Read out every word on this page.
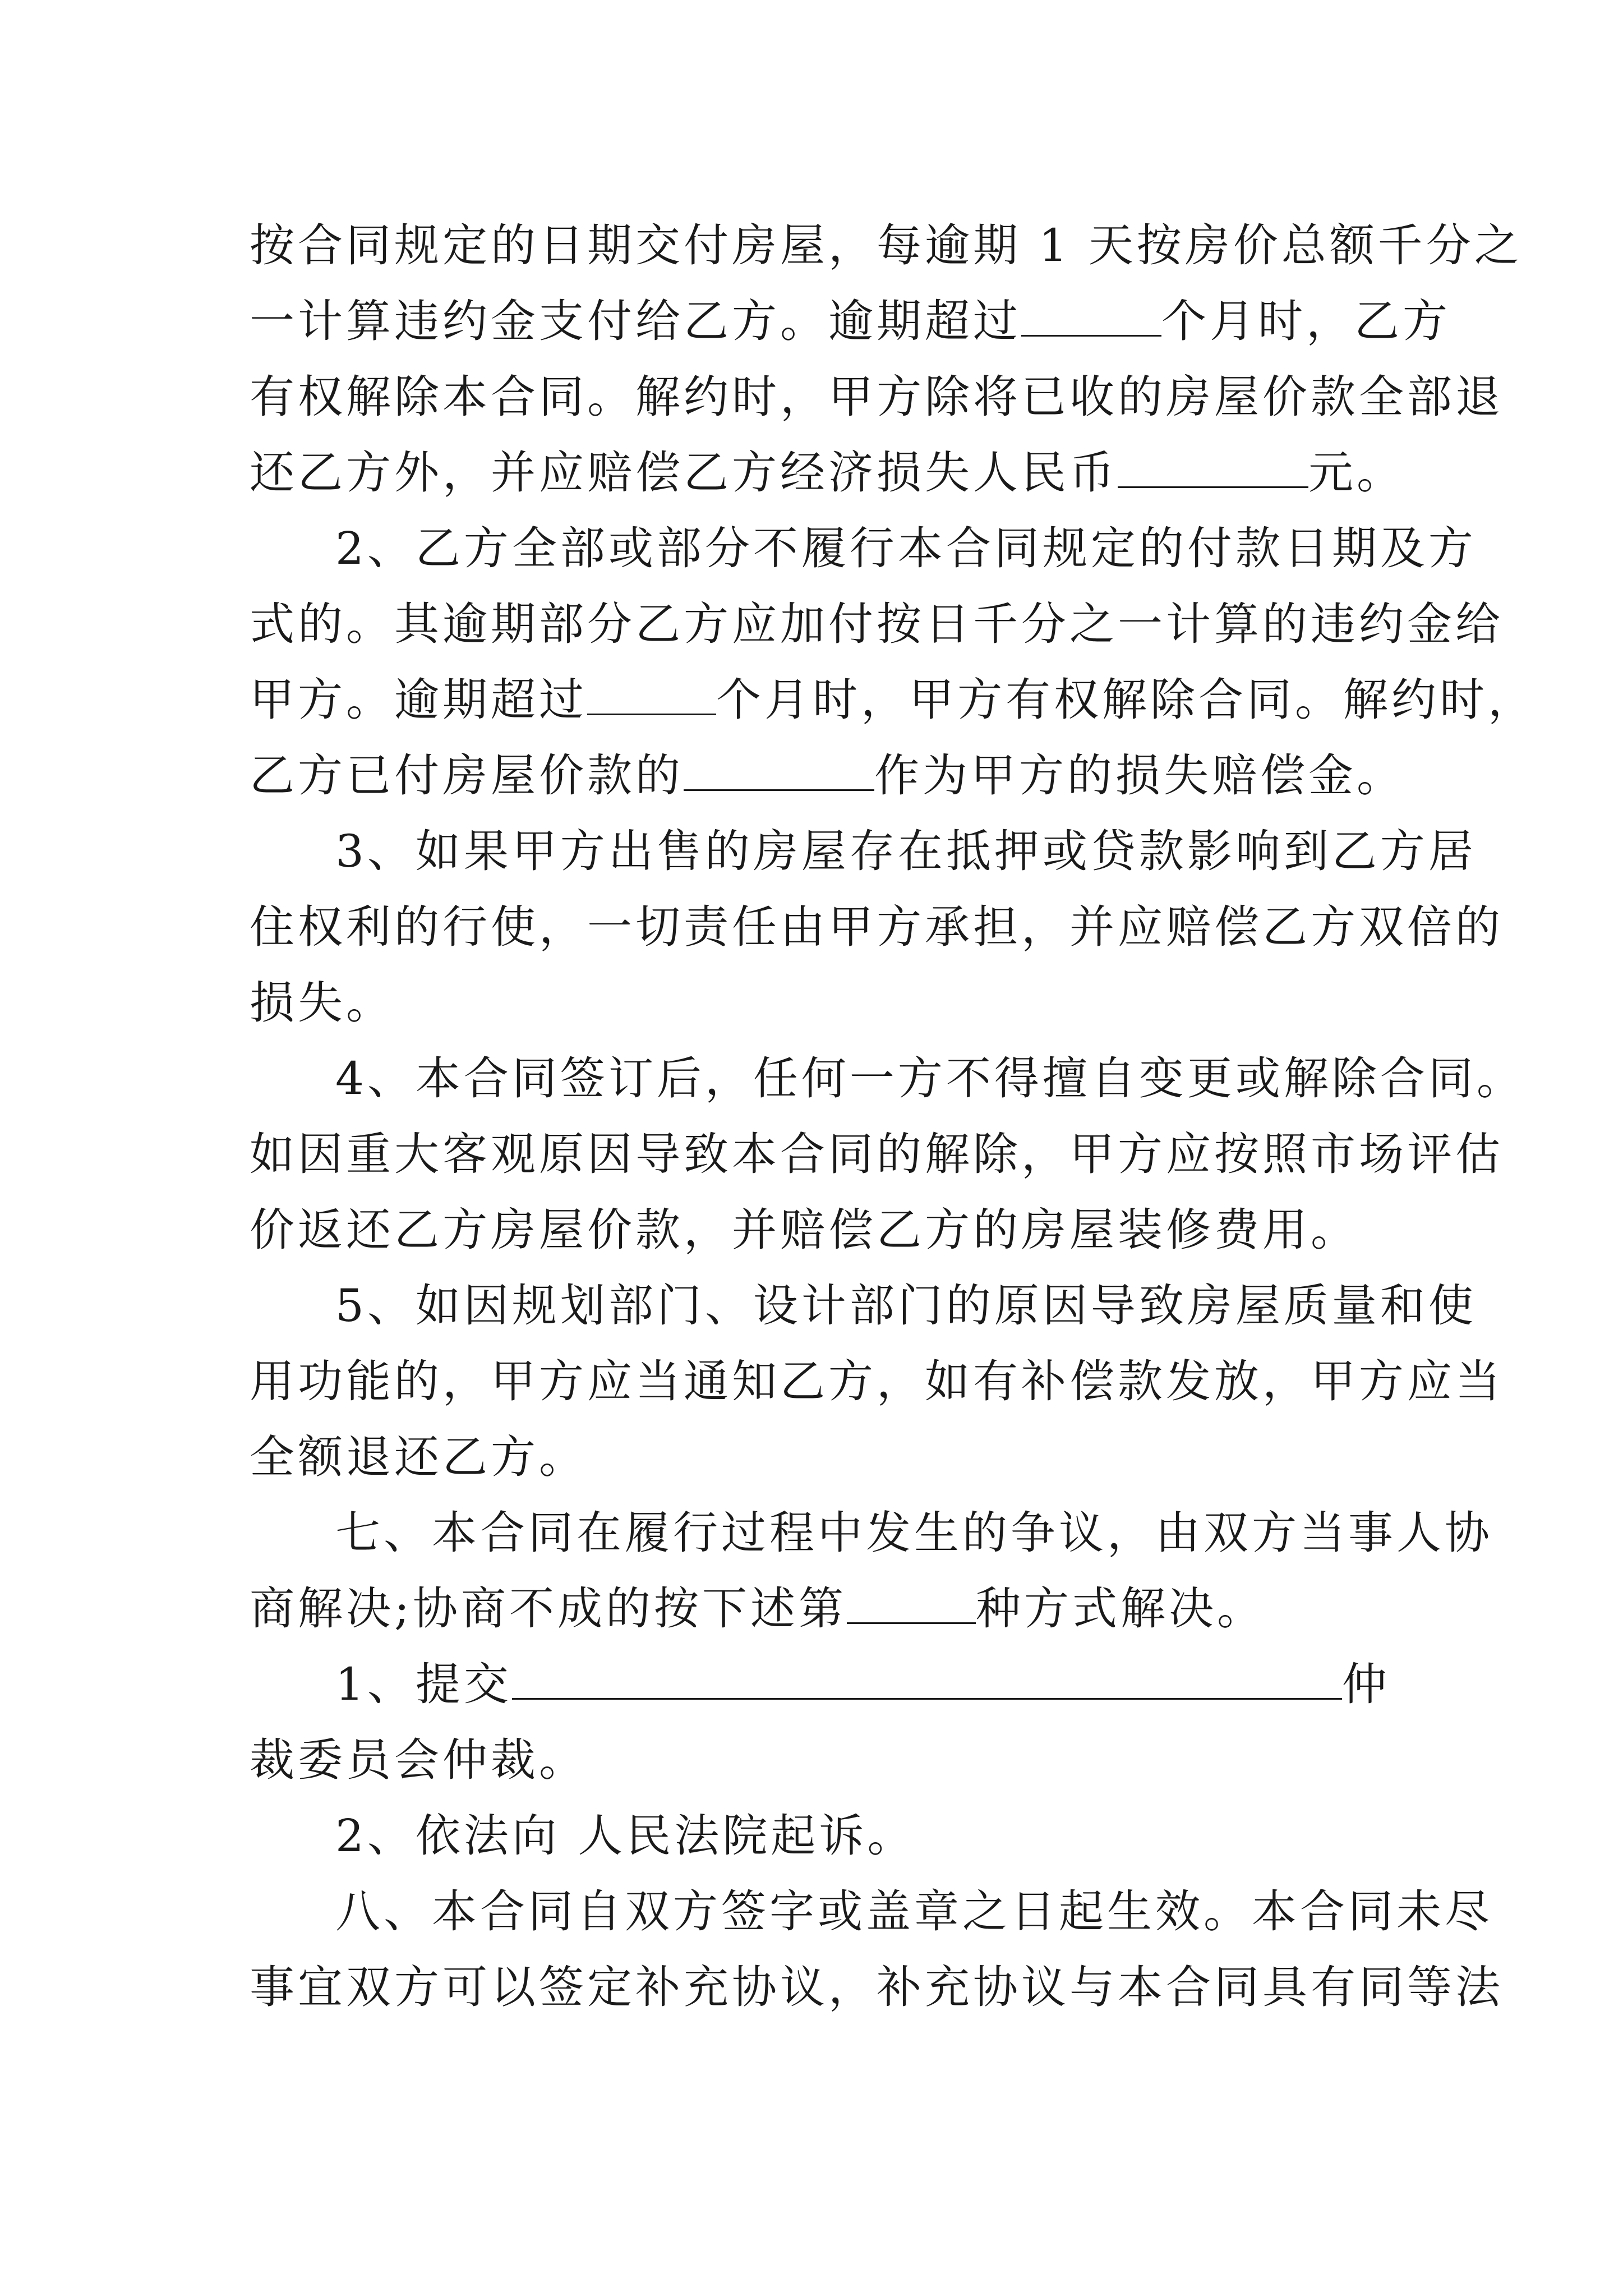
按合同规定的日期交付房屋，每逾期 1 天按房价总额千分之
一计算违约金支付给乙方。逾期超过	个月时，乙方
有权解除本合同。解约时，甲方除将已收的房屋价款全部退
还乙方外，并应赔偿乙方经济损失人民币	元。
2、乙方全部或部分不履行本合同规定的付款日期及方
式的。其逾期部分乙方应加付按日千分之一计算的违约金给
甲方。逾期超过	个月时，甲方有权解除合同。解约时，
乙方已付房屋价款的	作为甲方的损失赔偿金。
3、如果甲方出售的房屋存在抵押或贷款影响到乙方居
住权利的行使，一切责任由甲方承担，并应赔偿乙方双倍的
损失。
4、本合同签订后，任何一方不得擅自变更或解除合同。
如因重大客观原因导致本合同的解除，甲方应按照市场评估
价返还乙方房屋价款，并赔偿乙方的房屋装修费用。
5、如因规划部门、设计部门的原因导致房屋质量和使
用功能的，甲方应当通知乙方，如有补偿款发放，甲方应当
全额退还乙方。
七、本合同在履行过程中发生的争议，由双方当事人协
商解决;协商不成的按下述第	种方式解决。
1、提交	仲
裁委员会仲裁。
2、依法向 人民法院起诉。
八、本合同自双方签字或盖章之日起生效。本合同未尽
事宜双方可以签定补充协议，补充协议与本合同具有同等法
